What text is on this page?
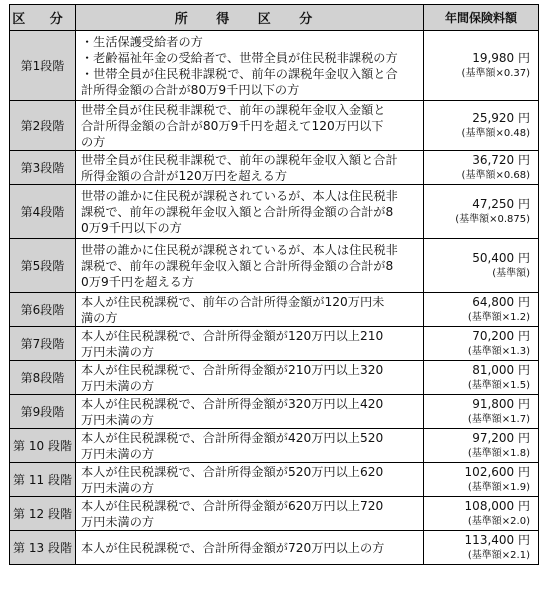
区 分	所 得 区 分	年間保険料額
第1段階	・生活保護受給者の方
・老齢福祉年金の受給者で、世帯全員が住民税非課税の方
・世帯全員が住民税非課税で、前年の課税年金収入額と合
計所得金額の合計が80万9千円以下の方	19,980 円
(基準額×0.37)

第2段階	世帯全員が住民税非課税で、前年の課税年金収入金額と
合計所得金額の合計が80万9千円を超えて120万円以下
の方	25,920 円
(基準額×0.48)

第3段階	世帯全員が住民税非課税で、前年の課税年金収入額と合計
所得金額の合計が120万円を超える方	36,720 円
(基準額×0.68)

第4段階	世帯の誰かに住民税が課税されているが、本人は住民税非
課税で、前年の課税年金収入額と合計所得金額の合計が8
0万9千円以下の方	47,250 円
(基準額×0.875)

第5段階	世帯の誰かに住民税が課税されているが、本人は住民税非
課税で、前年の課税年金収入額と合計所得金額の合計が8
0万9千円を超える方	50,400 円
(基準額)

第6段階	本人が住民税課税で、前年の合計所得金額が120万円未
満の方	64,800 円
(基準額×1.2)

第7段階	本人が住民税課税で、合計所得金額が120万円以上210
万円未満の方	70,200 円
(基準額×1.3)

第8段階	本人が住民税課税で、合計所得金額が210万円以上320
万円未満の方	81,000 円
(基準額×1.5)

第9段階	本人が住民税課税で、合計所得金額が320万円以上420
万円未満の方	91,800 円
(基準額×1.7)

第 10 段階	本人が住民税課税で、合計所得金額が420万円以上520
万円未満の方	97,200 円
(基準額×1.8)

第 11 段階	本人が住民税課税で、合計所得金額が520万円以上620
万円未満の方	102,600 円
(基準額×1.9)

第 12 段階	本人が住民税課税で、合計所得金額が620万円以上720
万円未満の方	108,000 円
(基準額×2.0)

第 13 段階	本人が住民税課税で、合計所得金額が720万円以上の方	113,400 円
(基準額×2.1)
